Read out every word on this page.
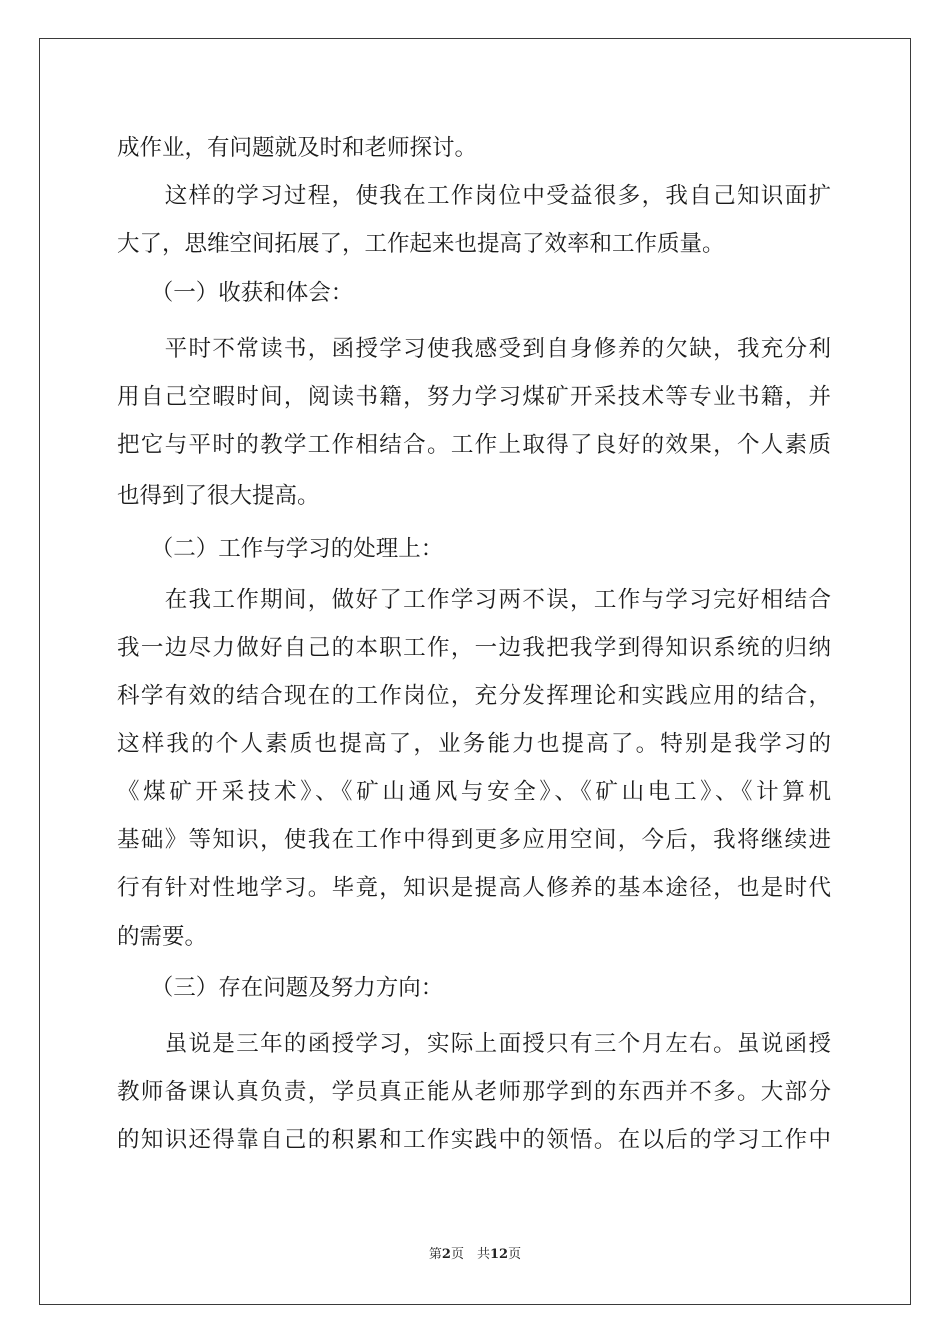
成作业，有问题就及时和老师探讨。
　　这样的学习过程，使我在工作岗位中受益很多，我自己知识面扩
大了，思维空间拓展了，工作起来也提高了效率和工作质量。
　　（一）收获和体会：
　　平时不常读书，函授学习使我感受到自身修养的欠缺，我充分利
用自己空暇时间，阅读书籍，努力学习煤矿开采技术等专业书籍，并
把它与平时的教学工作相结合。工作上取得了良好的效果，个人素质
也得到了很大提高。
　　（二）工作与学习的处理上：
　　在我工作期间，做好了工作学习两不误，工作与学习完好相结合
我一边尽力做好自己的本职工作，一边我把我学到得知识系统的归纳
科学有效的结合现在的工作岗位，充分发挥理论和实践应用的结合，
这样我的个人素质也提高了，业务能力也提高了。特别是我学习的
《煤矿开采技术》、《矿山通风与安全》、《矿山电工》、《计算机
基础》等知识，使我在工作中得到更多应用空间，今后，我将继续进
行有针对性地学习。毕竟，知识是提高人修养的基本途径，也是时代
的需要。
　　（三）存在问题及努力方向：
　　虽说是三年的函授学习，实际上面授只有三个月左右。虽说函授
教师备课认真负责，学员真正能从老师那学到的东西并不多。大部分
的知识还得靠自己的积累和工作实践中的领悟。在以后的学习工作中
第2页　共12页
